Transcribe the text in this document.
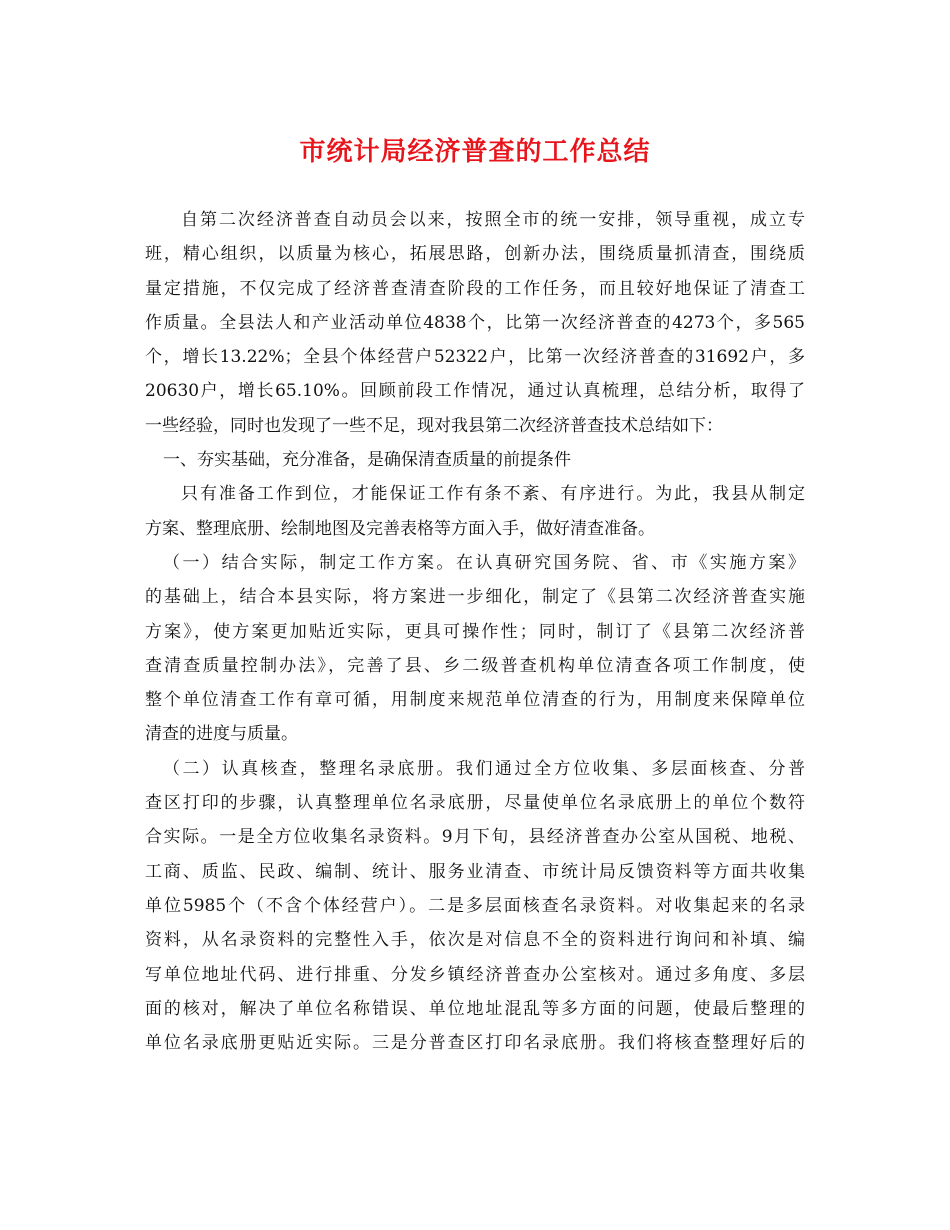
市统计局经济普查的工作总结
自第二次经济普查自动员会以来，按照全市的统一安排，领导重视，成立专
班，精心组织，以质量为核心，拓展思路，创新办法，围绕质量抓清查，围绕质
量定措施，不仅完成了经济普查清查阶段的工作任务，而且较好地保证了清查工
作质量。全县法人和产业活动单位4838个，比第一次经济普查的4273个，多565
个，增长13.22%；全县个体经营户52322户，比第一次经济普查的31692户，多
20630户，增长65.10%。回顾前段工作情况，通过认真梳理，总结分析，取得了
一些经验，同时也发现了一些不足，现对我县第二次经济普查技术总结如下：
一、夯实基础，充分准备，是确保清查质量的前提条件
只有准备工作到位，才能保证工作有条不紊、有序进行。为此，我县从制定
方案、整理底册、绘制地图及完善表格等方面入手，做好清查准备。
（一）结合实际，制定工作方案。在认真研究国务院、省、市《实施方案》
的基础上，结合本县实际，将方案进一步细化，制定了《县第二次经济普查实施
方案》，使方案更加贴近实际，更具可操作性；同时，制订了《县第二次经济普
查清查质量控制办法》，完善了县、乡二级普查机构单位清查各项工作制度，使
整个单位清查工作有章可循，用制度来规范单位清查的行为，用制度来保障单位
清查的进度与质量。
（二）认真核查，整理名录底册。我们通过全方位收集、多层面核查、分普
查区打印的步骤，认真整理单位名录底册，尽量使单位名录底册上的单位个数符
合实际。一是全方位收集名录资料。9月下旬，县经济普查办公室从国税、地税、
工商、质监、民政、编制、统计、服务业清查、市统计局反馈资料等方面共收集
单位5985个（不含个体经营户）。二是多层面核查名录资料。对收集起来的名录
资料，从名录资料的完整性入手，依次是对信息不全的资料进行询问和补填、编
写单位地址代码、进行排重、分发乡镇经济普查办公室核对。通过多角度、多层
面的核对，解决了单位名称错误、单位地址混乱等多方面的问题，使最后整理的
单位名录底册更贴近实际。三是分普查区打印名录底册。我们将核查整理好后的
